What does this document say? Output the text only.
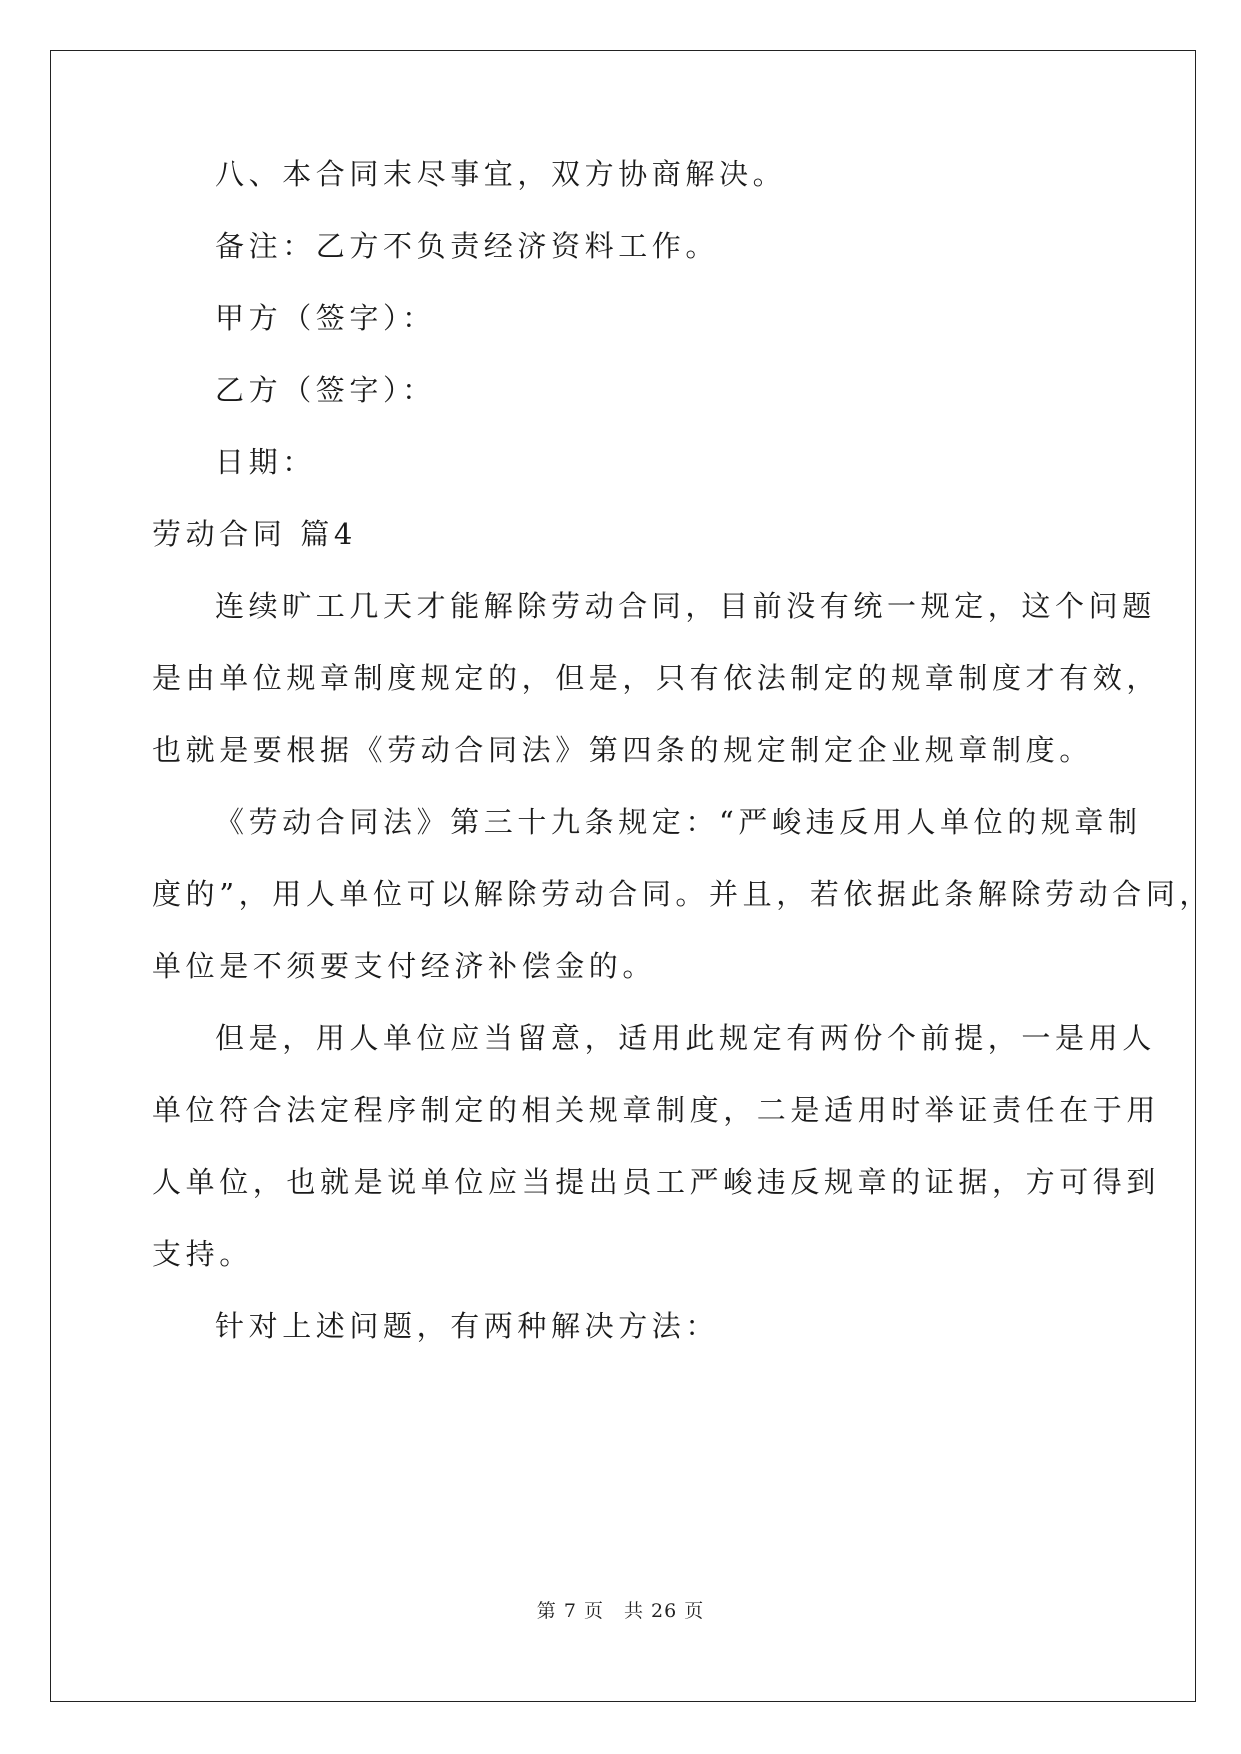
八、本合同末尽事宜，双方协商解决。
备注：乙方不负责经济资料工作。
甲方（签字）：
乙方（签字）：
日期：
劳动合同 篇4
连续旷工几天才能解除劳动合同，目前没有统一规定，这个问题
是由单位规章制度规定的，但是，只有依法制定的规章制度才有效，
也就是要根据《劳动合同法》第四条的规定制定企业规章制度。
《劳动合同法》第三十九条规定：“严峻违反用人单位的规章制
度的”，用人单位可以解除劳动合同。并且，若依据此条解除劳动合同，
单位是不须要支付经济补偿金的。
但是，用人单位应当留意，适用此规定有两份个前提，一是用人
单位符合法定程序制定的相关规章制度，二是适用时举证责任在于用
人单位，也就是说单位应当提出员工严峻违反规章的证据，方可得到
支持。
针对上述问题，有两种解决方法：
第 7 页　共 26 页
